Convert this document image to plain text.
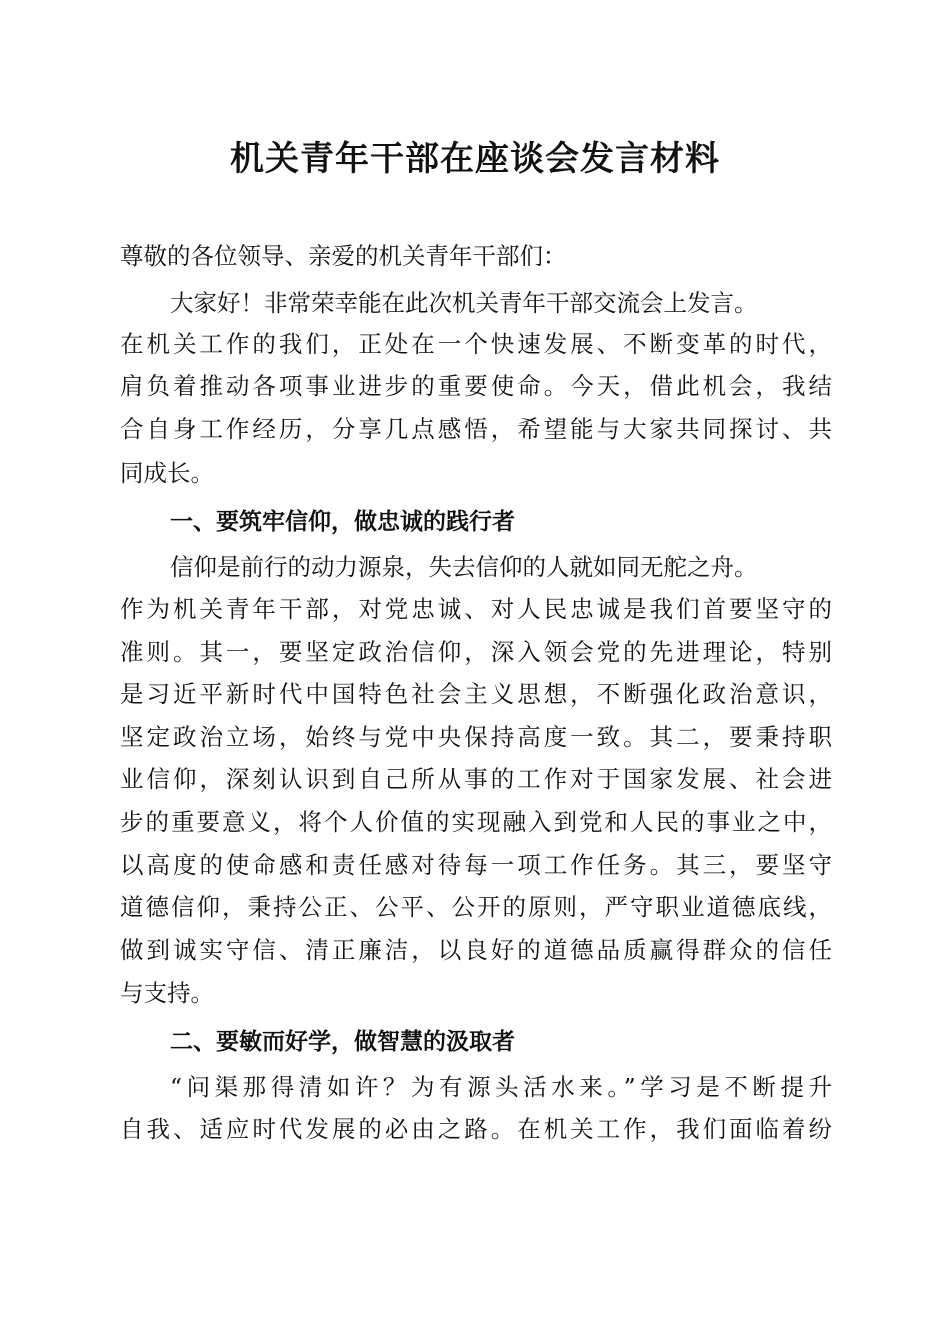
机关青年干部在座谈会发言材料
尊敬的各位领导、亲爱的机关青年干部们：
大家好！非常荣幸能在此次机关青年干部交流会上发言。
在机关工作的我们，正处在一个快速发展、不断变革的时代，
肩负着推动各项事业进步的重要使命。今天，借此机会，我结
合自身工作经历，分享几点感悟，希望能与大家共同探讨、共
同成长。
一、要筑牢信仰，做忠诚的践行者
信仰是前行的动力源泉，失去信仰的人就如同无舵之舟。
作为机关青年干部，对党忠诚、对人民忠诚是我们首要坚守的
准则。其一，要坚定政治信仰，深入领会党的先进理论，特别
是习近平新时代中国特色社会主义思想，不断强化政治意识，
坚定政治立场，始终与党中央保持高度一致。其二，要秉持职
业信仰，深刻认识到自己所从事的工作对于国家发展、社会进
步的重要意义，将个人价值的实现融入到党和人民的事业之中，
以高度的使命感和责任感对待每一项工作任务。其三，要坚守
道德信仰，秉持公正、公平、公开的原则，严守职业道德底线，
做到诚实守信、清正廉洁，以良好的道德品质赢得群众的信任
与支持。
二、要敏而好学，做智慧的汲取者
“问渠那得清如许？为有源头活水来。”学习是不断提升
自我、适应时代发展的必由之路。在机关工作，我们面临着纷
